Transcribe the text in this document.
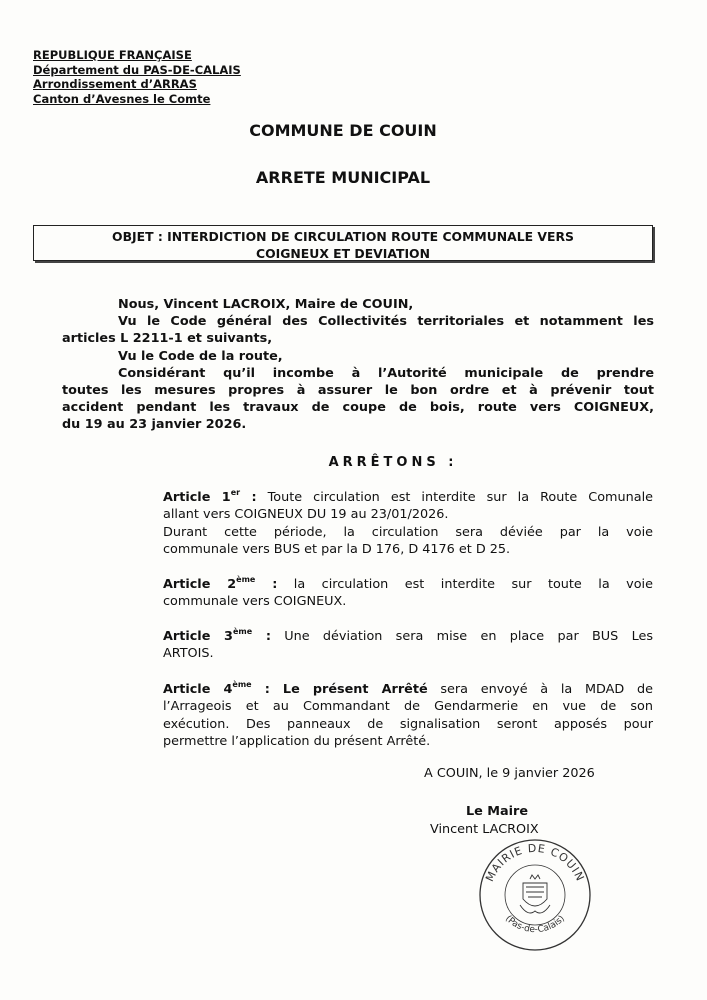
REPUBLIQUE FRANÇAISE
Département du PAS-DE-CALAIS
Arrondissement d’ARRAS
Canton d’Avesnes le Comte
COMMUNE DE COUIN
ARRETE MUNICIPAL
OBJET : INTERDICTION DE CIRCULATION ROUTE COMMUNALE VERS
COIGNEUX ET DEVIATION
Nous, Vincent LACROIX, Maire de COUIN,
Vu le Code général des Collectivités territoriales et notamment les
articles L 2211-1 et suivants,
Vu le Code de la route,
Considérant qu’il incombe à l’Autorité municipale de prendre
toutes les mesures propres à assurer le bon ordre et à prévenir tout
accident pendant les travaux de coupe de bois, route vers COIGNEUX,
du 19 au 23 janvier 2026.
ARRÊTONS :
Article 1er : Toute circulation est interdite sur la Route Comunale
allant vers COIGNEUX DU 19 au 23/01/2026.
Durant cette période, la circulation sera déviée par la voie
communale vers BUS et par la D 176, D 4176 et D 25.
Article 2ème : la circulation est interdite sur toute la voie
communale vers COIGNEUX.
Article 3ème : Une déviation sera mise en place par BUS Les
ARTOIS.
Article 4ème : Le présent Arrêté sera envoyé à la MDAD de
l’Arrageois et au Commandant de Gendarmerie en vue de son
exécution. Des panneaux de signalisation seront apposés pour
permettre l’application du présent Arrêté.
A COUIN, le 9 janvier 2026
Le Maire
Vincent LACROIX
MAIRIE DE COUIN
(Pas-de-Calais)
